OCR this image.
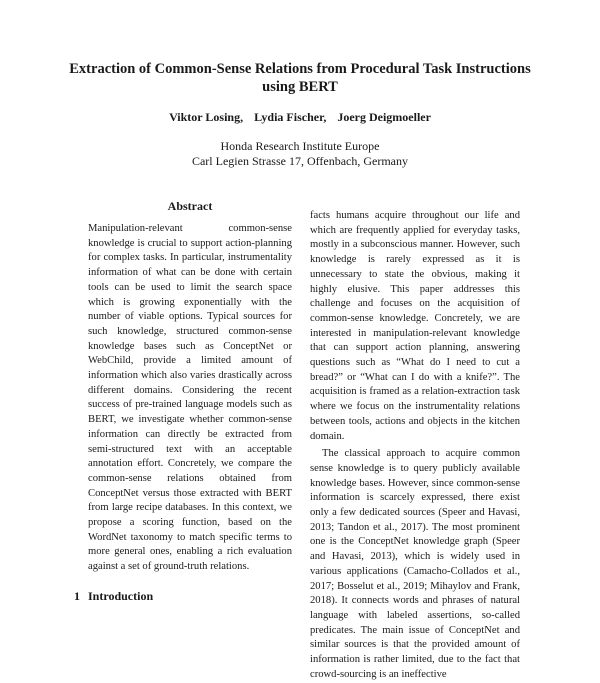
Extraction of Common-Sense Relations from Procedural Task Instructions using BERT
Viktor Losing, Lydia Fischer, Joerg Deigmoeller
Honda Research Institute Europe
Carl Legien Strasse 17, Offenbach, Germany
Abstract

Manipulation-relevant common-sense knowledge is crucial to support action-planning for complex tasks. In particular, instrumentality information of what can be done with certain tools can be used to limit the search space which is growing exponentially with the number of viable options. Typical sources for such knowledge, structured common-sense knowledge bases such as ConceptNet or WebChild, provide a limited amount of information which also varies drastically across different domains. Considering the recent success of pre-trained language models such as BERT, we investigate whether common-sense information can directly be extracted from semi-structured text with an acceptable annotation effort. Concretely, we compare the common-sense relations obtained from ConceptNet versus those extracted with BERT from large recipe databases. In this context, we propose a scoring function, based on the WordNet taxonomy to match specific terms to more general ones, enabling a rich evaluation against a set of ground-truth relations.

facts humans acquire throughout our life and which are frequently applied for everyday tasks, mostly in a subconscious manner. However, such knowledge is rarely expressed as it is unnecessary to state the obvious, making it highly elusive. This paper addresses this challenge and focuses on the acquisition of common-sense knowledge. Concretely, we are interested in manipulation-relevant knowledge that can support action planning, answering questions such as “What do I need to cut a bread?” or “What can I do with a knife?”. The acquisition is framed as a relation-extraction task where we focus on the instrumentality relations between tools, actions and objects in the kitchen domain.

The classical approach to acquire common sense knowledge is to query publicly available knowledge bases. However, since common-sense information is scarcely expressed, there exist only a few dedicated sources (Speer and Havasi, 2013; Tandon et al., 2017). The most prominent one is the ConceptNet knowledge graph (Speer and Havasi, 2013), which is widely used in various applications (Camacho-Collados et al., 2017; Bosselut et al., 2019; Mihaylov and Frank, 2018). It connects words and phrases of natural language with labeled assertions, so-called predicates. The main issue of ConceptNet and similar sources is that the provided amount of information is rather limited, due to the fact that crowd-sourcing is an ineffective

1 Introduction
